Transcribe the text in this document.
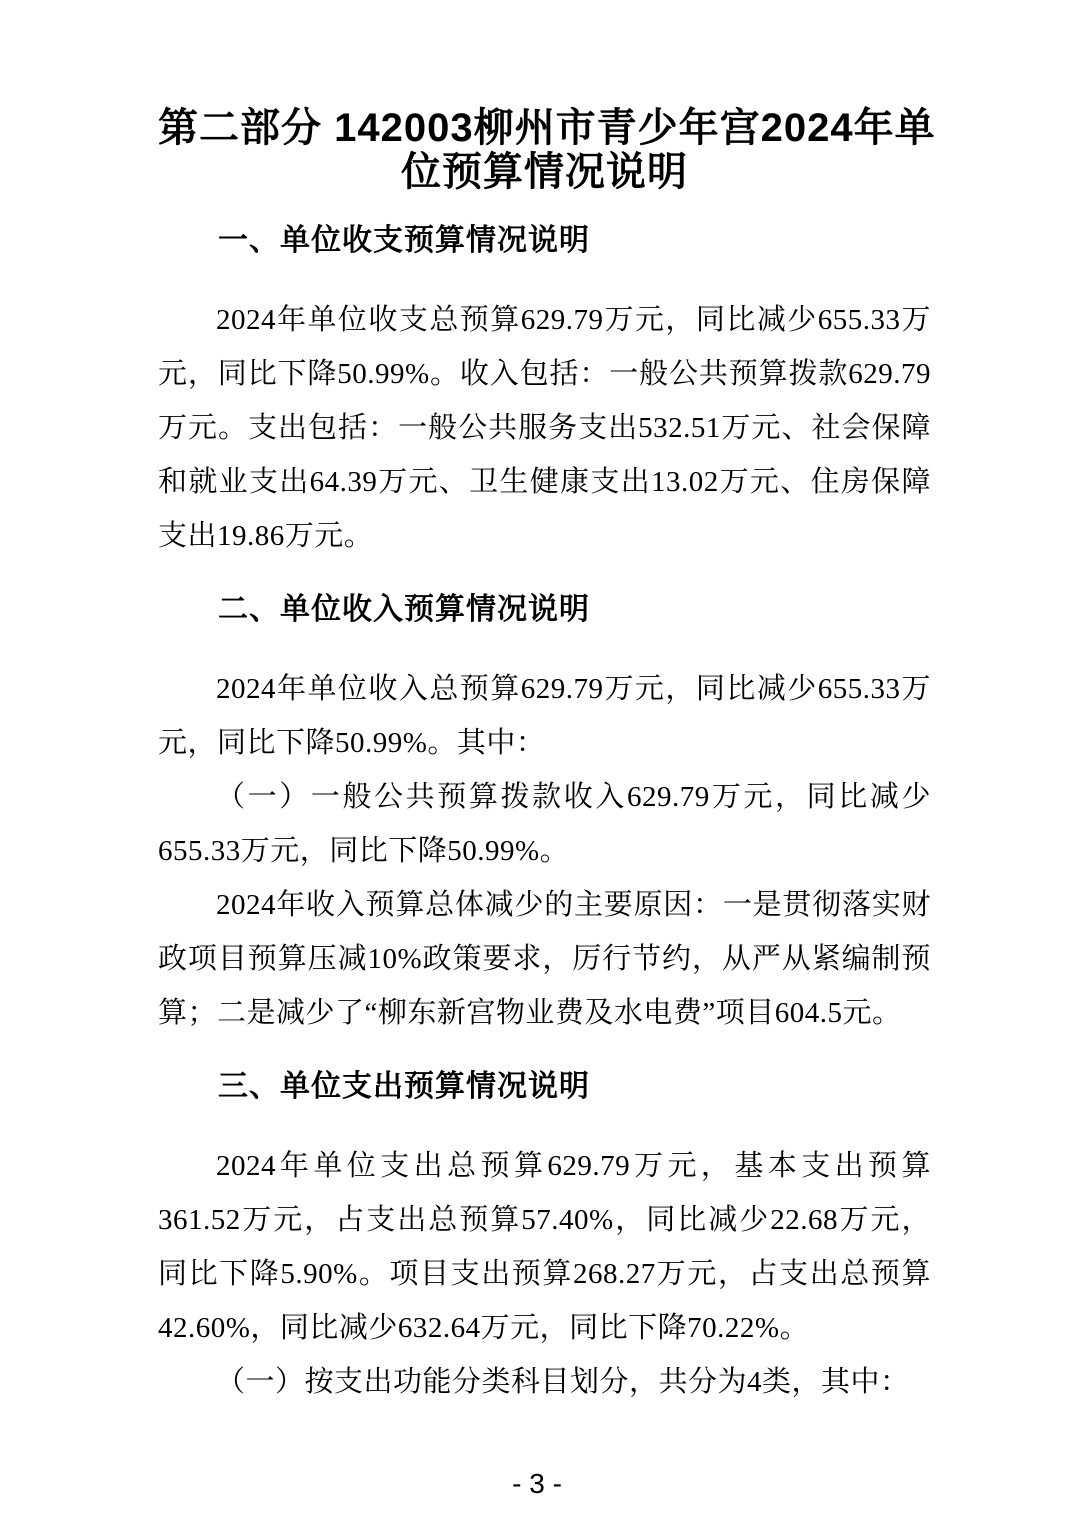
第二部分 142003柳州市青少年宫2024年单
位预算情况说明
一、单位收支预算情况说明

2024年单位收支总预算629.79万元，同比减少655.33万元，同比下降50.99%。收入包括：一般公共预算拨款629.79万元。支出包括：一般公共服务支出532.51万元、社会保障和就业支出64.39万元、卫生健康支出13.02万元、住房保障支出19.86万元。

二、单位收入预算情况说明

2024年单位收入总预算629.79万元，同比减少655.33万元，同比下降50.99%。其中：

（一）一般公共预算拨款收入629.79万元，同比减少655.33万元，同比下降50.99%。

2024年收入预算总体减少的主要原因：一是贯彻落实财政项目预算压减10%政策要求，厉行节约，从严从紧编制预算；二是减少了“柳东新宫物业费及水电费”项目604.5元。

三、单位支出预算情况说明

2024年单位支出总预算629.79万元，基本支出预算361.52万元，占支出总预算57.40%，同比减少22.68万元，同比下降5.90%。项目支出预算268.27万元，占支出总预算42.60%，同比减少632.64万元，同比下降70.22%。

（一）按支出功能分类科目划分，共分为4类，其中：

- 3 -
